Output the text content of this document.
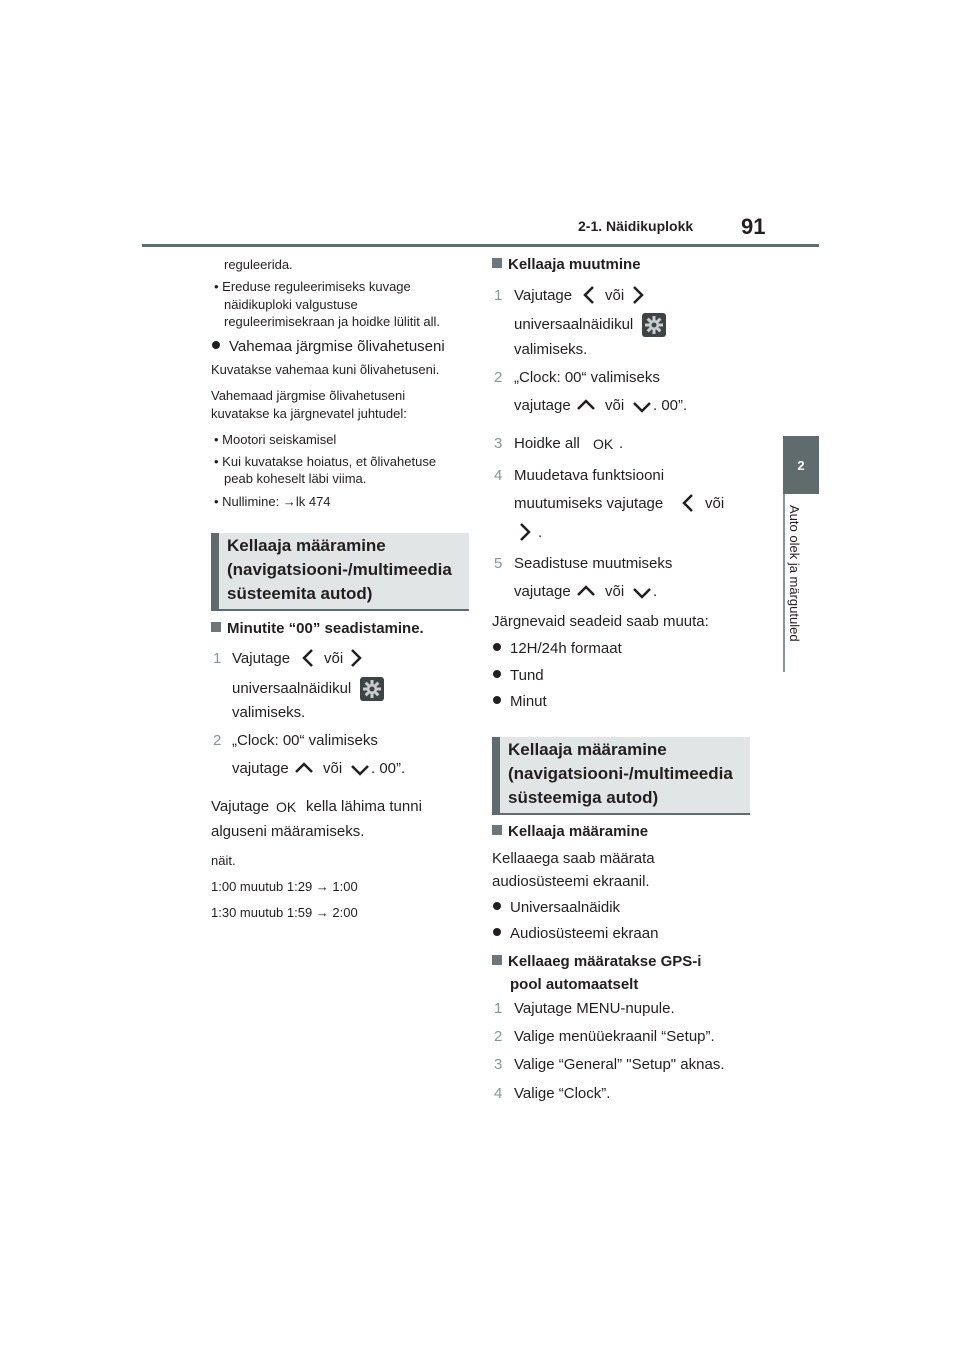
2-1. Näidikuplokk 91
2
Auto olek ja märgutuled
reguleerida.
• Ereduse reguleerimiseks kuvage
näidikuploki valgustuse
reguleerimisekraan ja hoidke lülitit all.
Vahemaa järgmise õlivahetuseni
Kuvatakse vahemaa kuni õlivahetuseni.
Vahemaad järgmise õlivahetuseni
kuvatakse ka järgnevatel juhtudel:
• Mootori seiskamisel
• Kui kuvatakse hoiatus, et õlivahetuse
peab koheselt läbi viima.
• Nullimine: →lk 474
Kellaaja määramine
(navigatsiooni-/multimeedia
süsteemita autod)
Minutite “00” seadistamine.
1 Vajutage või
universaalnäidikul
valimiseks.
2 „Clock: 00“ valimiseks
vajutage või . 00”.
Vajutage OK kella lähima tunni
alguseni määramiseks.
näit.
1:00 muutub 1:29 → 1:00
1:30 muutub 1:59 → 2:00
Kellaaja muutmine
1 Vajutage või
universaalnäidikul
valimiseks.
2 „Clock: 00“ valimiseks
vajutage või . 00”.
3 Hoidke all OK .
4 Muudetava funktsiooni
muutumiseks vajutage	või
.
5 Seadistuse muutmiseks
vajutage või .
Järgnevaid seadeid saab muuta:
12H/24h formaat
Tund
Minut
Kellaaja määramine
(navigatsiooni-/multimeedia
süsteemiga autod)
Kellaaja määramine
Kellaaega saab määrata
audiosüsteemi ekraanil.
Universaalnäidik
Audiosüsteemi ekraan
Kellaaeg määratakse GPS-i
pool automaatselt
1 Vajutage MENU-nupule.
2 Valige menüüekraanil “Setup”.
3 Valige “General” "Setup" aknas.
4 Valige “Clock”.
